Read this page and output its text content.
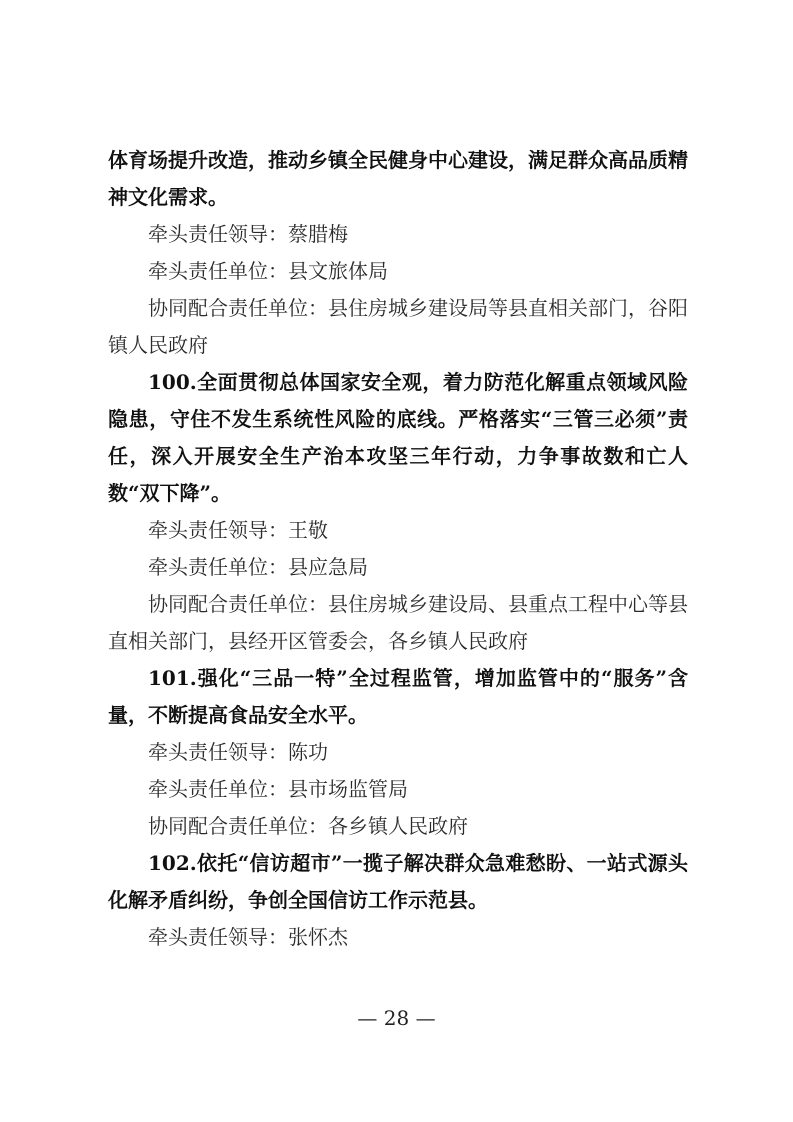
体育场提升改造，推动乡镇全民健身中心建设，满足群众高品质精神文化需求。

牵头责任领导：蔡腊梅

牵头责任单位：县文旅体局

协同配合责任单位：县住房城乡建设局等县直相关部门，谷阳镇人民政府

100.全面贯彻总体国家安全观，着力防范化解重点领域风险隐患，守住不发生系统性风险的底线。严格落实“三管三必须”责任，深入开展安全生产治本攻坚三年行动，力争事故数和亡人数“双下降”。

牵头责任领导：王敬

牵头责任单位：县应急局

协同配合责任单位：县住房城乡建设局、县重点工程中心等县直相关部门，县经开区管委会，各乡镇人民政府

101.强化“三品一特”全过程监管，增加监管中的“服务”含量，不断提高食品安全水平。

牵头责任领导：陈功

牵头责任单位：县市场监管局

协同配合责任单位：各乡镇人民政府

102.依托“信访超市”一揽子解决群众急难愁盼、一站式源头化解矛盾纠纷，争创全国信访工作示范县。

牵头责任领导：张怀杰

— 28 —
